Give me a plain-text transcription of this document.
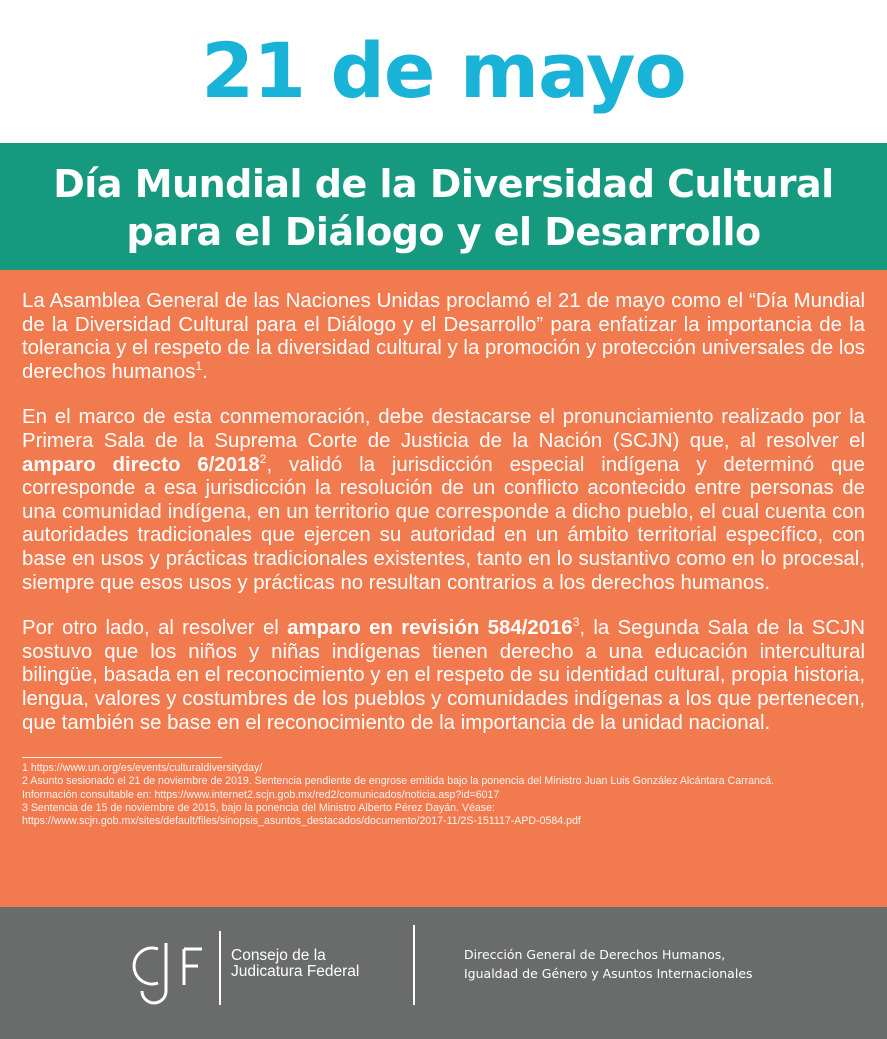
21 de mayo
Día Mundial de la Diversidad Cultural
para el Diálogo y el Desarrollo

La Asamblea General de las Naciones Unidas proclamó el 21 de mayo como el “Día Mundial de la Diversidad Cultural para el Diálogo y el Desarrollo” para enfatizar la importancia de la tolerancia y el respeto de la diversidad cultural y la promoción y protección universales de los derechos humanos$^1$.

En el marco de esta conmemoración, debe destacarse el pronunciamiento realizado por la Primera Sala de la Suprema Corte de Justicia de la Nación (SCJN) que, al resolver el amparo directo 6/2018$^2$, validó la jurisdicción especial indígena y determinó que corresponde a esa jurisdicción la resolución de un conflicto acontecido entre personas de una comunidad indígena, en un territorio que corresponde a dicho pueblo, el cual cuenta con autoridades tradicionales que ejercen su autoridad en un ámbito territorial específico, con base en usos y prácticas tradicionales existentes, tanto en lo sustantivo como en lo procesal, siempre que esos usos y prácticas no resultan contrarios a los derechos humanos.

Por otro lado, al resolver el amparo en revisión 584/2016$^3$, la Segunda Sala de la SCJN sostuvo que los niños y niñas indígenas tienen derecho a una educación intercultural bilingüe, basada en el reconocimiento y en el respeto de su identidad cultural, propia historia, lengua, valores y costumbres de los pueblos y comunidades indígenas a los que pertenecen, que también se base en el reconocimiento de la importancia de la unidad nacional.

1 https://www.un.org/es/events/culturaldiversityday/
2 Asunto sesionado el 21 de noviembre de 2019. Sentencia pendiente de engrose emitida bajo la ponencia del Ministro Juan Luis González Alcántara Carrancá.
Información consultable en: https://www.internet2.scjn.gob.mx/red2/comunicados/noticia.asp?id=6017
3 Sentencia de 15 de noviembre de 2015, bajo la ponencia del Ministro Alberto Pérez Dayán. Véase:
https://www.scjn.gob.mx/sites/default/files/sinopsis_asuntos_destacados/documento/2017-11/2S-151117-APD-0584.pdf
Consejo de la
Judicatura Federal
Dirección General de Derechos Humanos,
Igualdad de Género y Asuntos Internacionales
